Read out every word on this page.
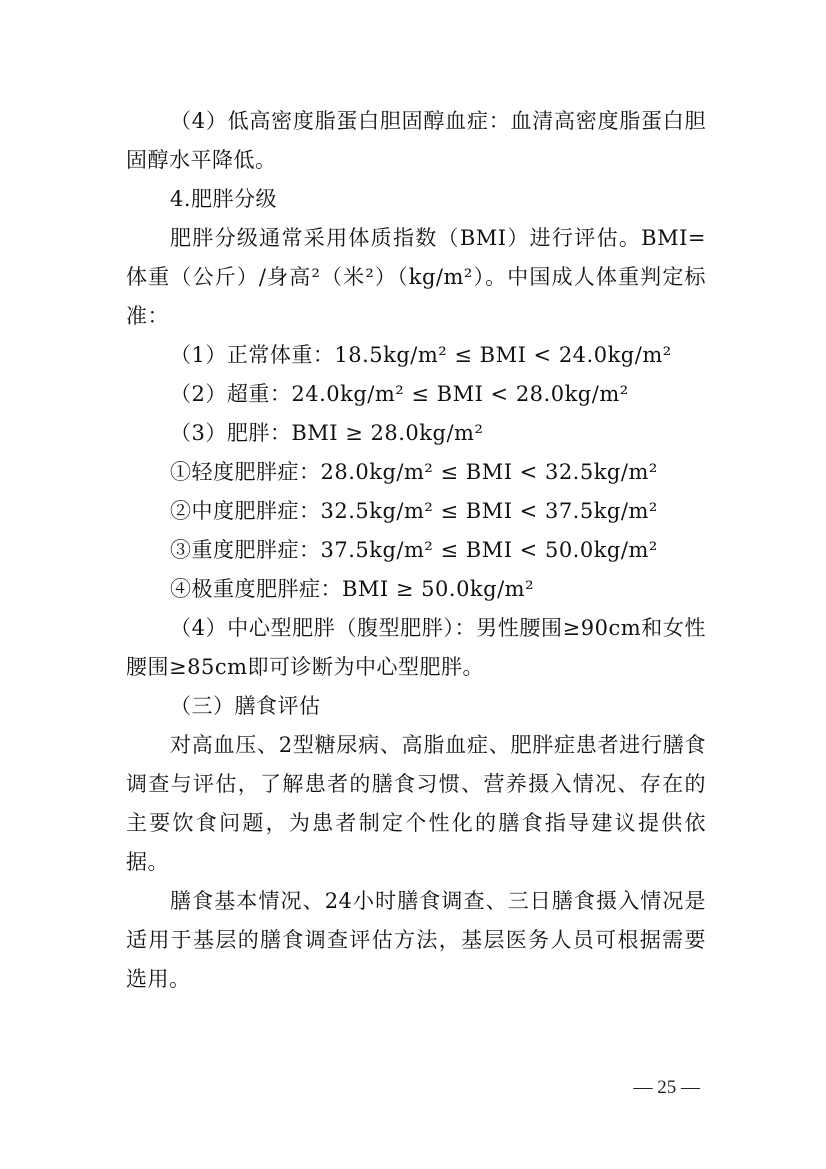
（4）低高密度脂蛋白胆固醇血症：血清高密度脂蛋白胆固醇水平降低。

4.肥胖分级

肥胖分级通常采用体质指数（BMI）进行评估。BMI=体重（公斤）/身高²（米²）（kg/m²）。中国成人体重判定标准：

（1）正常体重：18.5kg/m² ≤ BMI < 24.0kg/m²

（2）超重：24.0kg/m² ≤ BMI < 28.0kg/m²

（3）肥胖：BMI ≥ 28.0kg/m²

①轻度肥胖症：28.0kg/m² ≤ BMI < 32.5kg/m²

②中度肥胖症：32.5kg/m² ≤ BMI < 37.5kg/m²

③重度肥胖症：37.5kg/m² ≤ BMI < 50.0kg/m²

④极重度肥胖症：BMI ≥ 50.0kg/m²

（4）中心型肥胖（腹型肥胖）：男性腰围≥90cm和女性腰围≥85cm即可诊断为中心型肥胖。

（三）膳食评估

对高血压、2型糖尿病、高脂血症、肥胖症患者进行膳食调查与评估，了解患者的膳食习惯、营养摄入情况、存在的主要饮食问题，为患者制定个性化的膳食指导建议提供依据。

膳食基本情况、24小时膳食调查、三日膳食摄入情况是适用于基层的膳食调查评估方法，基层医务人员可根据需要选用。

— 25 —
